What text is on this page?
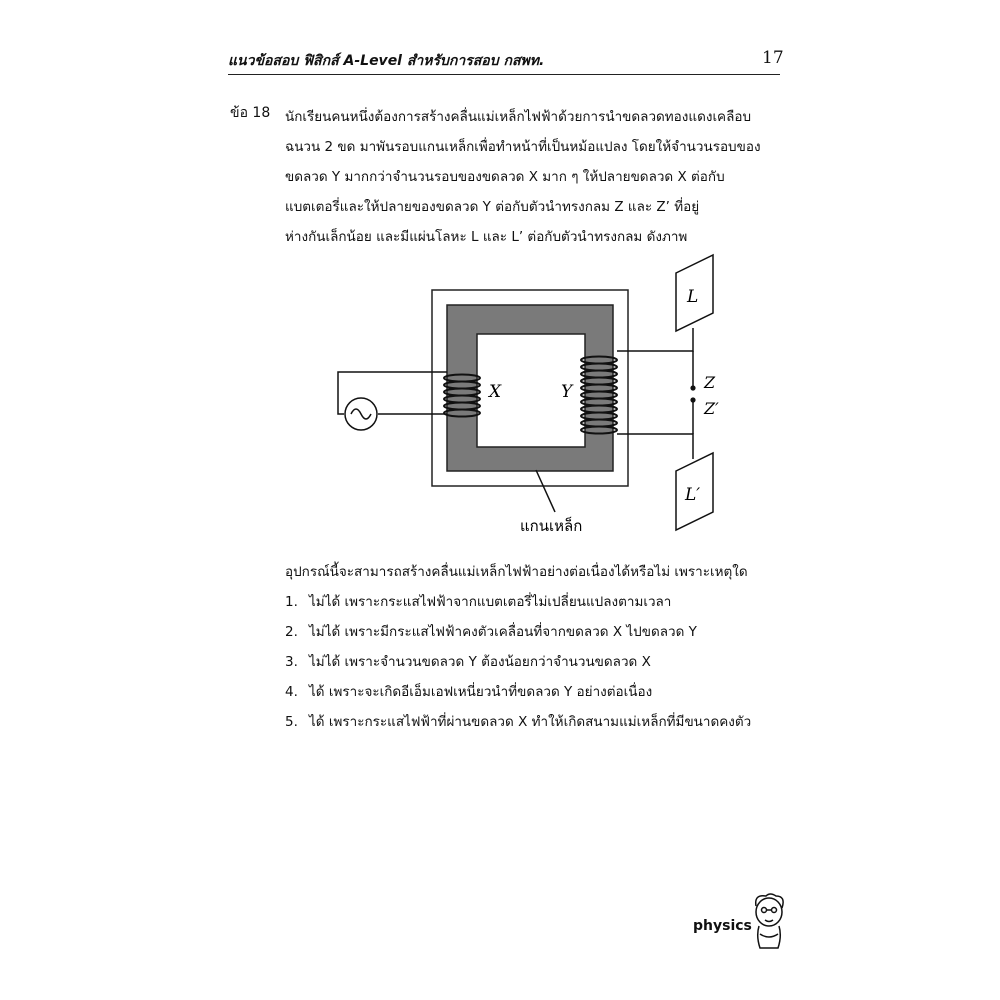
แนวข้อสอบ ฟิสิกส์ A-Level สำหรับการสอบ กสพท.	17
ข้อ 18 นักเรียนคนหนึ่งต้องการสร้างคลื่นแม่เหล็กไฟฟ้าด้วยการนำขดลวดทองแดงเคลือบ
ฉนวน 2 ขด มาพันรอบแกนเหล็กเพื่อทำหน้าที่เป็นหม้อแปลง โดยให้จำนวนรอบของ
ขดลวด Y มากกว่าจำนวนรอบของขดลวด X มาก ๆ ให้ปลายขดลวด X ต่อกับ
แบตเตอรี่และให้ปลายของขดลวด Y ต่อกับตัวนำทรงกลม Z และ Z’ ที่อยู่
ห่างกันเล็กน้อย และมีแผ่นโลหะ L และ L’ ต่อกับตัวนำทรงกลม ดังภาพ
X	Y	Z
Z′
L
L′
แกนเหล็ก
อุปกรณ์นี้จะสามารถสร้างคลื่นแม่เหล็กไฟฟ้าอย่างต่อเนื่องได้หรือไม่ เพราะเหตุใด
1. ไม่ได้ เพราะกระแสไฟฟ้าจากแบตเตอรี่ไม่เปลี่ยนแปลงตามเวลา
2. ไม่ได้ เพราะมีกระแสไฟฟ้าคงตัวเคลื่อนที่จากขดลวด X ไปขดลวด Y
3. ไม่ได้ เพราะจำนวนขดลวด Y ต้องน้อยกว่าจำนวนขดลวด X
4. ได้ เพราะจะเกิดอีเอ็มเอฟเหนี่ยวนำที่ขดลวด Y อย่างต่อเนื่อง
5. ได้ เพราะกระแสไฟฟ้าที่ผ่านขดลวด X ทำให้เกิดสนามแม่เหล็กที่มีขนาดคงตัว
physics
